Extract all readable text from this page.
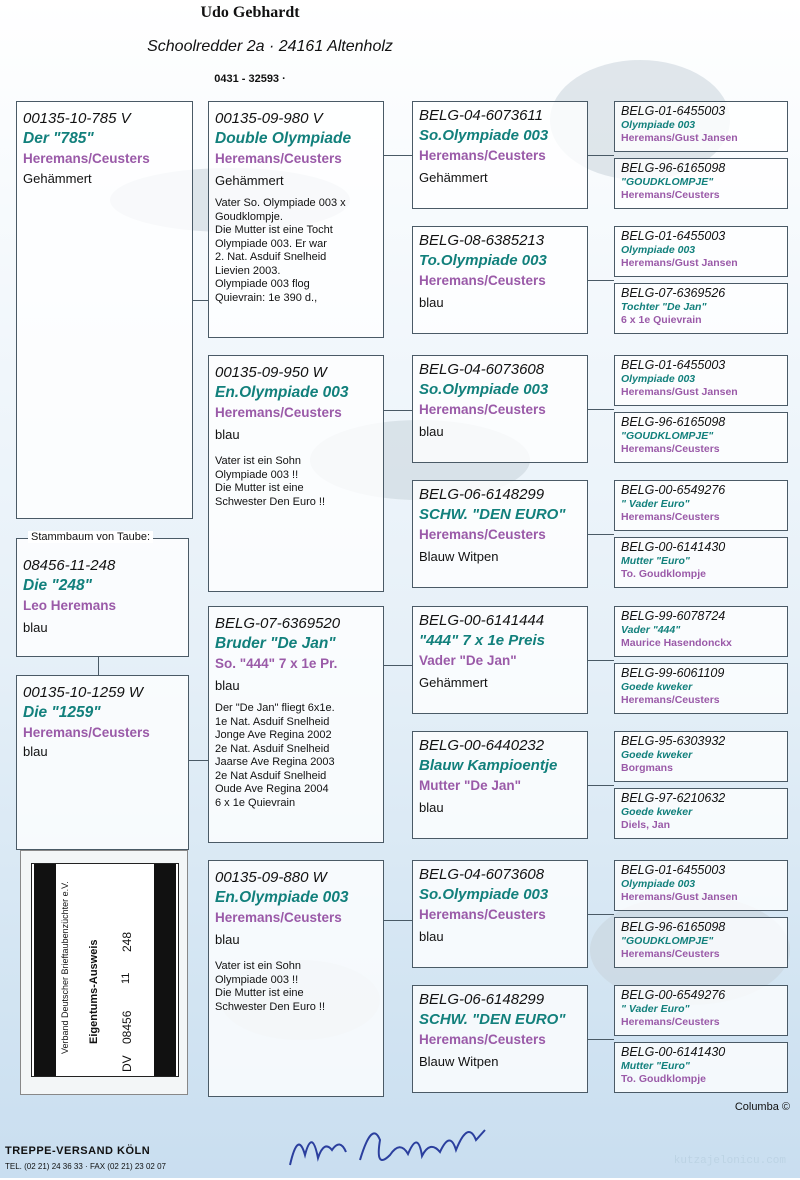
Udo Gebhardt
Schoolredder 2a · 24161 Altenholz
0431 - 32593 ·
00135-10-785 V
Der "785"
Heremans/Ceusters
Gehämmert
08456-11-248
Die "248"
Leo Heremans
blau
Stammbaum von Taube:
00135-10-1259 W
Die "1259"
Heremans/Ceusters
blau
00135-09-980 V
Double Olympiade
Heremans/Ceusters
Gehämmert
Vater So. Olympiade 003 x
Goudklompje.
Die Mutter ist eine Tocht
Olympiade 003. Er war
2. Nat. Asduif Snelheid
Lievien 2003.
Olympiade 003 flog
Quievrain: 1e 390 d.,
00135-09-950 W
En.Olympiade 003
Heremans/Ceusters
blau
Vater ist ein Sohn
Olympiade 003 !!
Die Mutter ist eine
Schwester Den Euro !!
BELG-07-6369520
Bruder "De Jan"
So. "444" 7 x 1e Pr.
blau
Der "De Jan" fliegt 6x1e.
1e Nat. Asduif Snelheid
Jonge Ave Regina 2002
2e Nat. Asduif Snelheid
Jaarse Ave Regina 2003
2e Nat Asduif Snelheid
Oude Ave Regina 2004
6 x 1e Quievrain
00135-09-880 W
En.Olympiade 003
Heremans/Ceusters
blau
Vater ist ein Sohn
Olympiade 003 !!
Die Mutter ist eine
Schwester Den Euro !!
BELG-04-6073611
So.Olympiade 003
Heremans/Ceusters
Gehämmert
BELG-08-6385213
To.Olympiade 003
Heremans/Ceusters
blau
BELG-04-6073608
So.Olympiade 003
Heremans/Ceusters
blau
BELG-06-6148299
SCHW. "DEN EURO"
Heremans/Ceusters
Blauw Witpen
BELG-00-6141444
"444" 7 x 1e Preis
Vader "De Jan"
Gehämmert
BELG-00-6440232
Blauw Kampioentje
Mutter "De Jan"
blau
BELG-04-6073608
So.Olympiade 003
Heremans/Ceusters
blau
BELG-06-6148299
SCHW. "DEN EURO"
Heremans/Ceusters
Blauw Witpen
BELG-01-6455003
Olympiade 003
Heremans/Gust Jansen
BELG-96-6165098
"GOUDKLOMPJE"
Heremans/Ceusters
BELG-01-6455003
Olympiade 003
Heremans/Gust Jansen
BELG-07-6369526
Tochter "De Jan"
6 x 1e Quievrain
BELG-01-6455003
Olympiade 003
Heremans/Gust Jansen
BELG-96-6165098
"GOUDKLOMPJE"
Heremans/Ceusters
BELG-00-6549276
" Vader Euro"
Heremans/Ceusters
BELG-00-6141430
Mutter "Euro"
To. Goudklompje
BELG-99-6078724
Vader "444"
Maurice Hasendonckx
BELG-99-6061109
Goede kweker
Heremans/Ceusters
BELG-95-6303932
Goede kweker
Borgmans
BELG-97-6210632
Goede kweker
Diels, Jan
BELG-01-6455003
Olympiade 003
Heremans/Gust Jansen
BELG-96-6165098
"GOUDKLOMPJE"
Heremans/Ceusters
BELG-00-6549276
" Vader Euro"
Heremans/Ceusters
BELG-00-6141430
Mutter "Euro"
To. Goudklompje
Verband Deutscher Brieftaubenzüchter e.V. Eigentums-Ausweis
DV
08456
11
248
Columba ©
TREPPE-VERSAND KÖLN
TEL. (02 21) 24 36 33 · FAX (02 21) 23 02 07	kutzajelonicu.com
